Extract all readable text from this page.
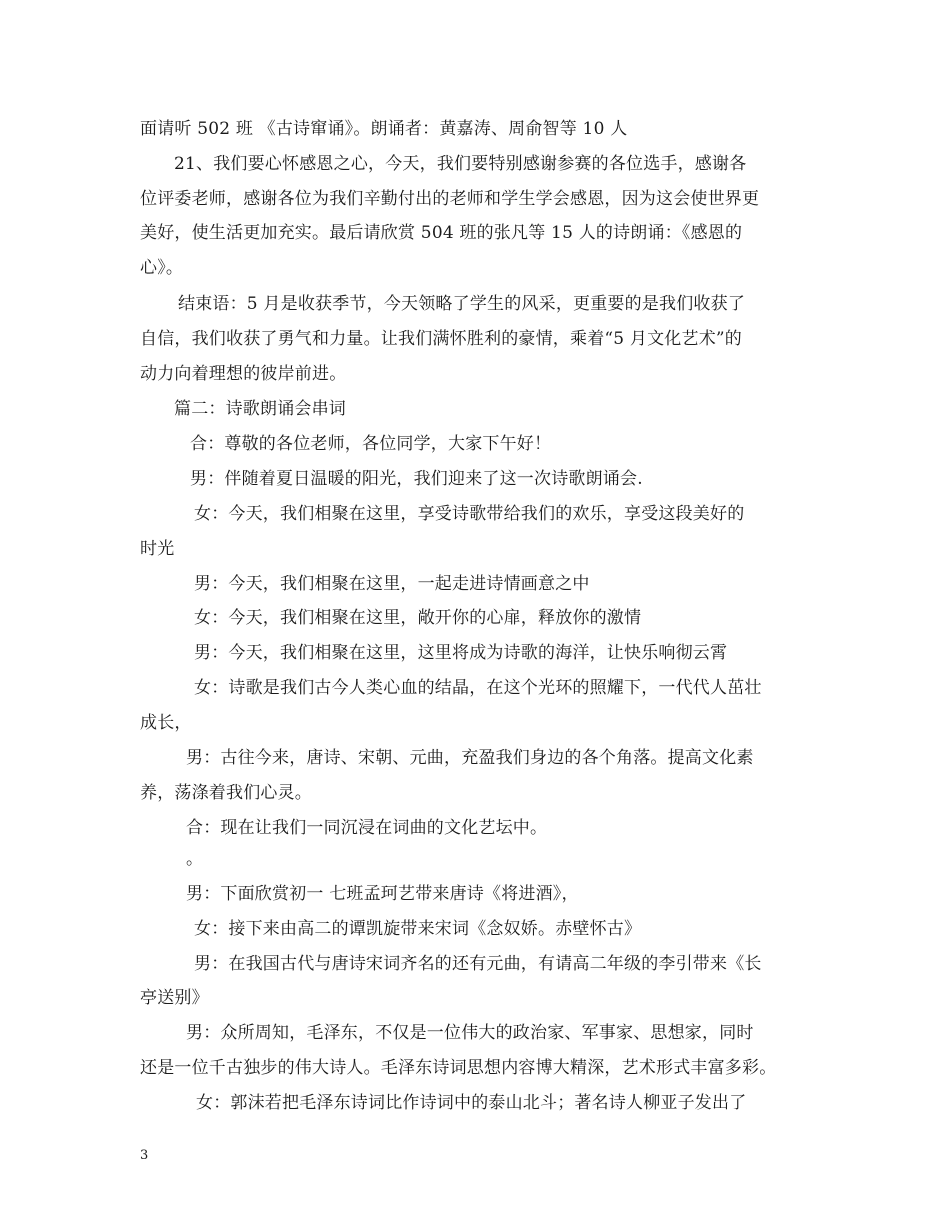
面请听 502 班 《古诗窜诵》。朗诵者：黄嘉涛、周俞智等 10 人
21、我们要心怀感恩之心，今天，我们要特别感谢参赛的各位选手，感谢各
位评委老师，感谢各位为我们辛勤付出的老师和学生学会感恩，因为这会使世界更
美好，使生活更加充实。最后请欣赏 504 班的张凡等 15 人的诗朗诵：《感恩的
心》。
结束语：5 月是收获季节，今天领略了学生的风采，更重要的是我们收获了
自信，我们收获了勇气和力量。让我们满怀胜利的豪情，乘着“5 月文化艺术”的
动力向着理想的彼岸前进。
篇二：诗歌朗诵会串词
合：尊敬的各位老师，各位同学，大家下午好！
男：伴随着夏日温暖的阳光，我们迎来了这一次诗歌朗诵会.
女：今天，我们相聚在这里，享受诗歌带给我们的欢乐，享受这段美好的
时光
男：今天，我们相聚在这里，一起走进诗情画意之中
女：今天，我们相聚在这里，敞开你的心扉，释放你的激情
男：今天，我们相聚在这里，这里将成为诗歌的海洋，让快乐响彻云霄
女：诗歌是我们古今人类心血的结晶，在这个光环的照耀下，一代代人茁壮
成长，
男：古往今来，唐诗、宋朝、元曲，充盈我们身边的各个角落。提高文化素
养，荡涤着我们心灵。
合：现在让我们一同沉浸在词曲的文化艺坛中。
。
男：下面欣赏初一 七班孟珂艺带来唐诗《将进酒》，
女：接下来由高二的谭凯旋带来宋词《念奴娇。赤壁怀古》
男：在我国古代与唐诗宋词齐名的还有元曲，有请高二年级的李引带来《长
亭送别》
男：众所周知，毛泽东，不仅是一位伟大的政治家、军事家、思想家，同时
还是一位千古独步的伟大诗人。毛泽东诗词思想内容博大精深，艺术形式丰富多彩。
女：郭沫若把毛泽东诗词比作诗词中的泰山北斗；著名诗人柳亚子发出了
3
